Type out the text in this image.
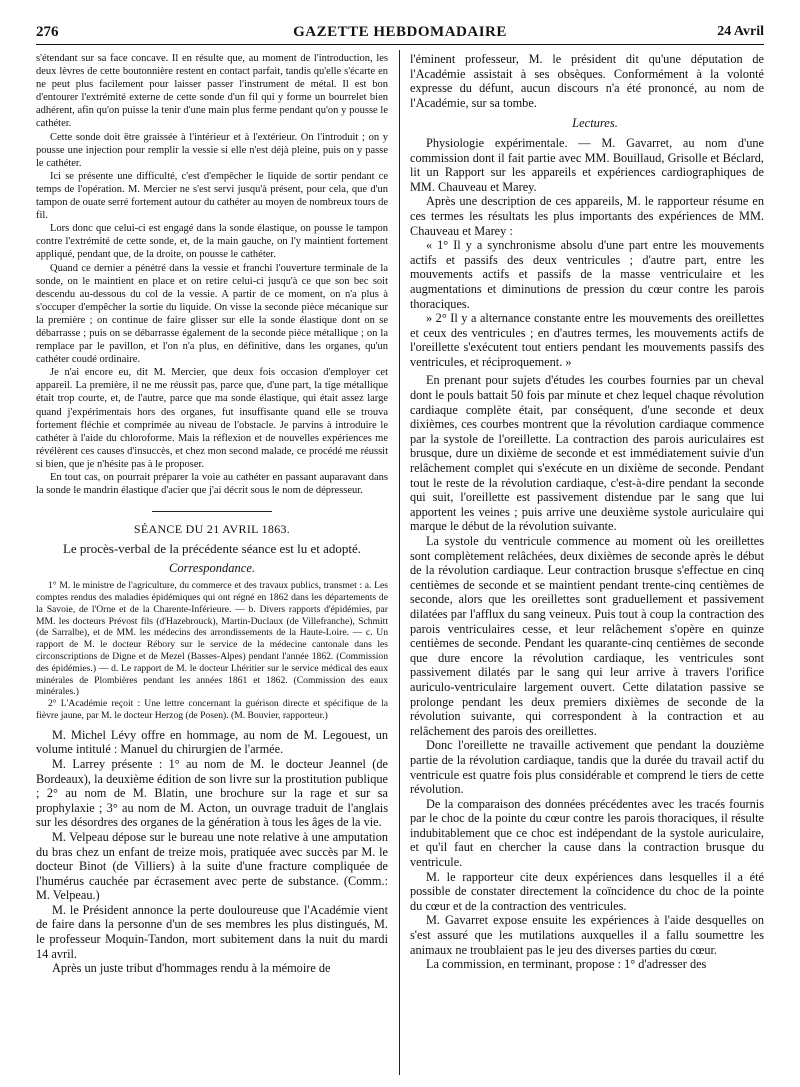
276	GAZETTE HEBDOMADAIRE	24 Avril

s'étendant sur sa face concave. Il en résulte que, au moment de l'introduction, les deux lèvres de cette boutonnière restent en contact parfait, tandis qu'elle s'écarte en ne peut plus facilement pour laisser passer l'instrument de métal. Il est bon d'entourer l'extrémité externe de cette sonde d'un fil qui y forme un bourrelet bien adhérent, afin qu'on puisse la tenir d'une main plus ferme pendant qu'on y pousse le cathéter.

Cette sonde doit être graissée à l'intérieur et à l'extérieur. On l'introduit ; on y pousse une injection pour remplir la vessie si elle n'est déjà pleine, puis on y passe le cathéter.

Ici se présente une difficulté, c'est d'empêcher le liquide de sortir pendant ce temps de l'opération. M. Mercier ne s'est servi jusqu'à présent, pour cela, que d'un tampon de ouate serré fortement autour du cathéter au moyen de nombreux tours de fil.

Lors donc que celui-ci est engagé dans la sonde élastique, on pousse le tampon contre l'extrémité de cette sonde, et, de la main gauche, on l'y maintient fortement appliqué, pendant que, de la droite, on pousse le cathéter.

Quand ce dernier a pénétré dans la vessie et franchi l'ouverture terminale de la sonde, on le maintient en place et on retire celui-ci jusqu'à ce que son bec soit descendu au-dessous du col de la vessie. A partir de ce moment, on n'a plus à s'occuper d'empêcher la sortie du liquide. On visse la seconde pièce mécanique sur la première ; on continue de faire glisser sur elle la sonde élastique dont on se débarrasse ; puis on se débarrasse également de la seconde pièce métallique ; on la remplace par le pavillon, et l'on n'a plus, en définitive, dans les organes, qu'un cathéter coudé ordinaire.

Je n'ai encore eu, dit M. Mercier, que deux fois occasion d'employer cet appareil. La première, il ne me réussit pas, parce que, d'une part, la tige métallique était trop courte, et, de l'autre, parce que ma sonde élastique, qui était assez large quand j'expérimentais hors des organes, fut insuffisante quand elle se trouva fortement fléchie et comprimée au niveau de l'obstacle. Je parvins à introduire le cathéter à l'aide du chloroforme. Mais la réflexion et de nouvelles expériences me révélèrent ces causes d'insuccès, et chez mon second malade, ce procédé me réussit si bien, que je n'hésite pas à le proposer.

En tout cas, on pourrait préparer la voie au cathéter en passant auparavant dans la sonde le mandrin élastique d'acier que j'ai décrit sous le nom de dépresseur.

SÉANCE DU 21 AVRIL 1863.

Le procès-verbal de la précédente séance est lu et adopté.

Correspondance.

1° M. le ministre de l'agriculture, du commerce et des travaux publics, transmet : a. Les comptes rendus des maladies épidémiques qui ont régné en 1862 dans les départements de la Savoie, de l'Orne et de la Charente-Inférieure. — b. Divers rapports d'épidémies, par MM. les docteurs Prévost fils (d'Hazebrouck), Martin-Duclaux (de Villefranche), Schmitt (de Sarralbe), et de MM. les médecins des arrondissements de la Haute-Loire. — c. Un rapport de M. le docteur Rébory sur le service de la médecine cantonale dans les circonscriptions de Digne et de Mezel (Basses-Alpes) pendant l'année 1862. (Commission des épidémies.) — d. Le rapport de M. le docteur Lhéritier sur le service médical des eaux minérales de Plombières pendant les années 1861 et 1862. (Commission des eaux minérales.)

2° L'Académie reçoit : Une lettre concernant la guérison directe et spécifique de la fièvre jaune, par M. le docteur Herzog (de Posen). (M. Bouvier, rapporteur.)

M. Michel Lévy offre en hommage, au nom de M. Legouest, un volume intitulé : Manuel du chirurgien de l'armée.

M. Larrey présente : 1° au nom de M. le docteur Jeannel (de Bordeaux), la deuxième édition de son livre sur la prostitution publique ; 2° au nom de M. Blatin, une brochure sur la rage et sur sa prophylaxie ; 3° au nom de M. Acton, un ouvrage traduit de l'anglais sur les désordres des organes de la génération à tous les âges de la vie.

M. Velpeau dépose sur le bureau une note relative à une amputation du bras chez un enfant de treize mois, pratiquée avec succès par M. le docteur Binot (de Villiers) à la suite d'une fracture compliquée de l'humérus cauchée par écrasement avec perte de substance. (Comm.: M. Velpeau.)

M. le Président annonce la perte douloureuse que l'Académie vient de faire dans la personne d'un de ses membres les plus distingués, M. le professeur Moquin-Tandon, mort subitement dans la nuit du mardi 14 avril.

Après un juste tribut d'hommages rendu à la mémoire de

l'éminent professeur, M. le président dit qu'une députation de l'Académie assistait à ses obsèques. Conformément à la volonté expresse du défunt, aucun discours n'a été prononcé, au nom de l'Académie, sur sa tombe.

Lectures.

Physiologie expérimentale. — M. Gavarret, au nom d'une commission dont il fait partie avec MM. Bouillaud, Grisolle et Béclard, lit un Rapport sur les appareils et expériences cardiographiques de MM. Chauveau et Marey.

Après une description de ces appareils, M. le rapporteur résume en ces termes les résultats les plus importants des expériences de MM. Chauveau et Marey :

« 1° Il y a synchronisme absolu d'une part entre les mouvements actifs et passifs des deux ventricules ; d'autre part, entre les mouvements actifs et passifs de la masse ventriculaire et les augmentations et diminutions de pression du cœur contre les parois thoraciques.

» 2° Il y a alternance constante entre les mouvements des oreillettes et ceux des ventricules ; en d'autres termes, les mouvements actifs de l'oreillette s'exécutent tout entiers pendant les mouvements passifs des ventricules, et réciproquement. »

En prenant pour sujets d'études les courbes fournies par un cheval dont le pouls battait 50 fois par minute et chez lequel chaque révolution cardiaque complète était, par conséquent, d'une seconde et deux dixièmes, ces courbes montrent que la révolution cardiaque commence par la systole de l'oreillette. La contraction des parois auriculaires est brusque, dure un dixième de seconde et est immédiatement suivie d'un relâchement complet qui s'exécute en un dixième de seconde. Pendant tout le reste de la révolution cardiaque, c'est-à-dire pendant la seconde qui suit, l'oreillette est passivement distendue par le sang que lui apportent les veines ; puis arrive une deuxième systole auriculaire qui marque le début de la révolution suivante.

La systole du ventricule commence au moment où les oreillettes sont complètement relâchées, deux dixièmes de seconde après le début de la révolution cardiaque. Leur contraction brusque s'effectue en cinq centièmes de seconde et se maintient pendant trente-cinq centièmes de seconde, alors que les oreillettes sont graduellement et passivement dilatées par l'afflux du sang veineux. Puis tout à coup la contraction des parois ventriculaires cesse, et leur relâchement s'opère en quinze centièmes de seconde. Pendant les quarante-cinq centièmes de seconde que dure encore la révolution cardiaque, les ventricules sont passivement dilatés par le sang qui leur arrive à travers l'orifice auriculo-ventriculaire largement ouvert. Cette dilatation passive se prolonge pendant les deux premiers dixièmes de seconde de la révolution suivante, qui correspondent à la contraction et au relâchement des parois des oreillettes.

Donc l'oreillette ne travaille activement que pendant la douzième partie de la révolution cardiaque, tandis que la durée du travail actif du ventricule est quatre fois plus considérable et comprend le tiers de cette révolution.

De la comparaison des données précédentes avec les tracés fournis par le choc de la pointe du cœur contre les parois thoraciques, il résulte indubitablement que ce choc est indépendant de la systole auriculaire, et qu'il faut en chercher la cause dans la contraction brusque du ventricule.

M. le rapporteur cite deux expériences dans lesquelles il a été possible de constater directement la coïncidence du choc de la pointe du cœur et de la contraction des ventricules.

M. Gavarret expose ensuite les expériences à l'aide desquelles on s'est assuré que les mutilations auxquelles il a fallu soumettre les animaux ne troublaient pas le jeu des diverses parties du cœur.

La commission, en terminant, propose : 1° d'adresser des
